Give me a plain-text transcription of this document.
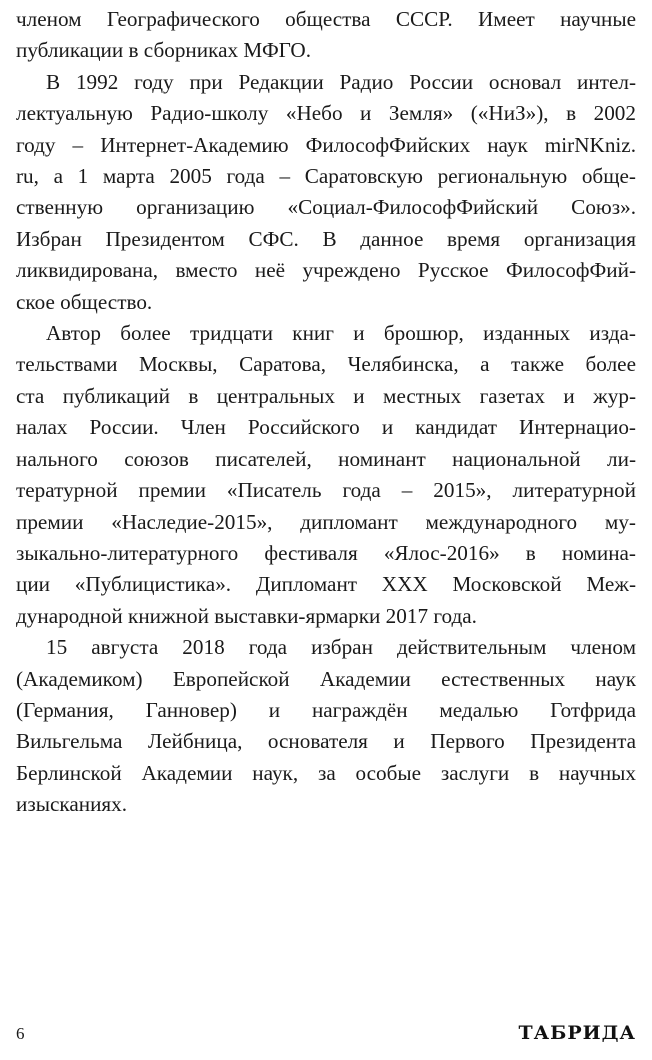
членом Географического общества СССР. Имеет научные
публикации в сборниках МФГО.

В 1992 году при Редакции Радио России основал интел-
лектуальную Радио-школу «Небо и Земля» («НиЗ»), в 2002
году – Интернет-Академию ФилософФийских наук mirNKniz.
ru, а 1 марта 2005 года – Саратовскую региональную обще-
ственную организацию «Социал-ФилософФийский Союз».
Избран Президентом СФС. В данное время организация
ликвидирована, вместо неё учреждено Русское ФилософФий-
ское общество.

Автор более тридцати книг и брошюр, изданных изда-
тельствами Москвы, Саратова, Челябинска, а также более
ста публикаций в центральных и местных газетах и жур-
налах России. Член Российского и кандидат Интернацио-
нального союзов писателей, номинант национальной ли-
тературной премии «Писатель года – 2015», литературной
премии «Наследие-2015», дипломант международного му-
зыкально-литературного фестиваля «Ялос-2016» в номина-
ции «Публицистика». Дипломант XXX Московской Меж-
дународной книжной выставки-ярмарки 2017 года.

15 августа 2018 года избран действительным членом
(Академиком) Европейской Академии естественных наук
(Германия, Ганновер) и награждён медалью Готфрида
Вильгельма Лейбница, основателя и Первого Президента
Берлинской Академии наук, за особые заслуги в научных
изысканиях.

6	ТАБРИДА
